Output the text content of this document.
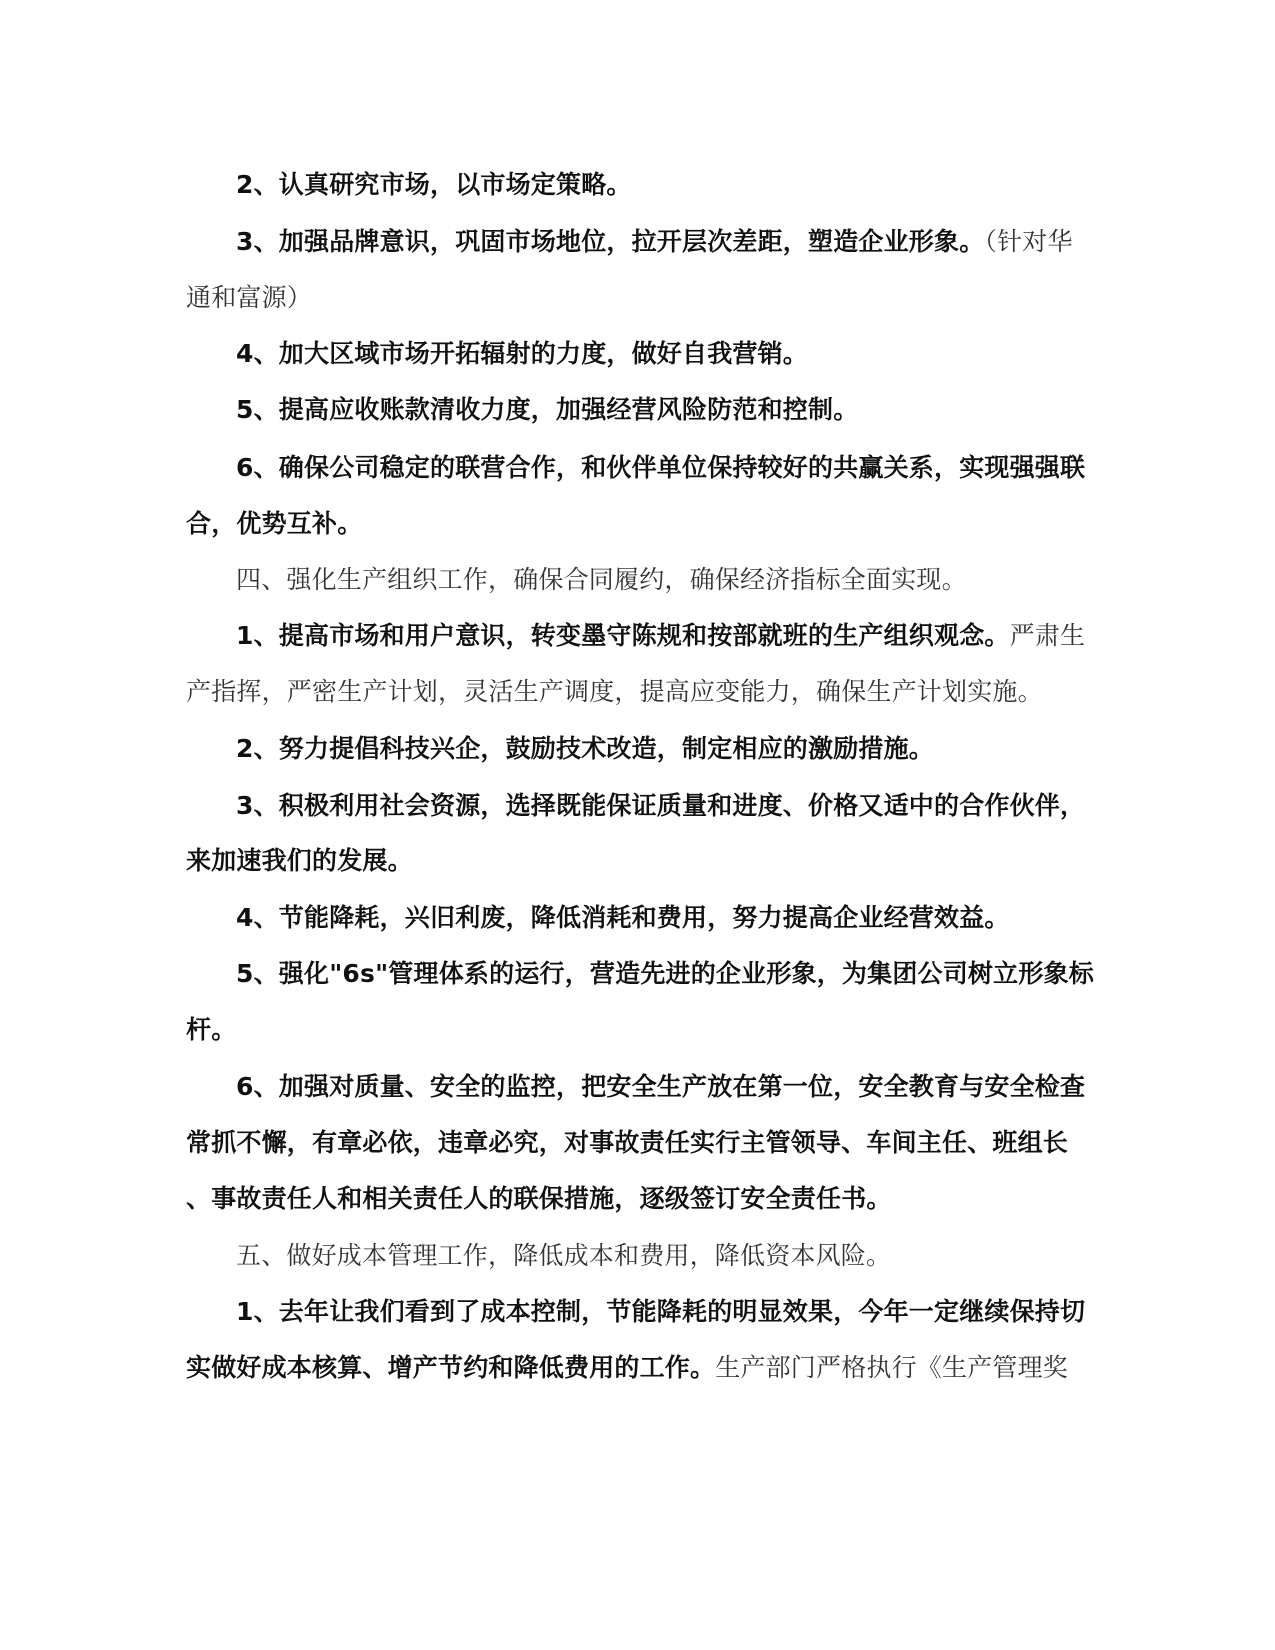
2、认真研究市场，以市场定策略。

3、加强品牌意识，巩固市场地位，拉开层次差距，塑造企业形象。（针对华

通和富源）

4、加大区域市场开拓辐射的力度，做好自我营销。

5、提高应收账款清收力度，加强经营风险防范和控制。

6、确保公司稳定的联营合作，和伙伴单位保持较好的共赢关系，实现强强联

合，优势互补。

四、强化生产组织工作，确保合同履约，确保经济指标全面实现。

1、提高市场和用户意识，转变墨守陈规和按部就班的生产组织观念。严肃生

产指挥，严密生产计划，灵活生产调度，提高应变能力，确保生产计划实施。

2、努力提倡科技兴企，鼓励技术改造，制定相应的激励措施。

3、积极利用社会资源，选择既能保证质量和进度、价格又适中的合作伙伴，

来加速我们的发展。

4、节能降耗，兴旧利废，降低消耗和费用，努力提高企业经营效益。

5、强化"6s"管理体系的运行，营造先进的企业形象，为集团公司树立形象标

杆。

6、加强对质量、安全的监控，把安全生产放在第一位，安全教育与安全检查

常抓不懈，有章必依，违章必究，对事故责任实行主管领导、车间主任、班组长

、事故责任人和相关责任人的联保措施，逐级签订安全责任书。

五、做好成本管理工作，降低成本和费用，降低资本风险。

1、去年让我们看到了成本控制，节能降耗的明显效果，今年一定继续保持切

实做好成本核算、增产节约和降低费用的工作。生产部门严格执行《生产管理奖
